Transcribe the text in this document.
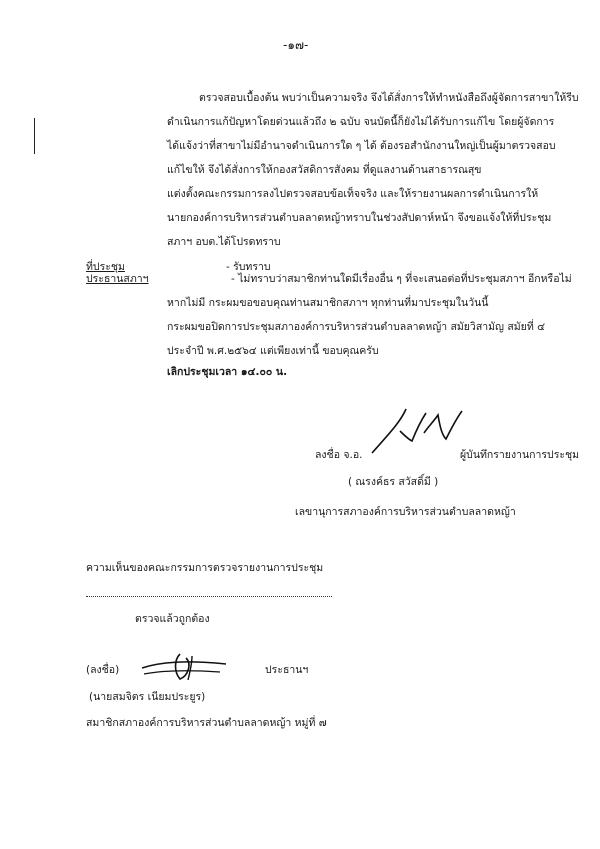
-๑๗-
ตรวจสอบเบื้องต้น พบว่าเป็นความจริง จึงได้สั่งการให้ทำหนังสือถึงผู้จัดการสาขาให้รีบ
ดำเนินการแก้ปัญหาโดยด่วนแล้วถึง ๒ ฉบับ จนบัดนี้ก็ยังไม่ได้รับการแก้ไข โดยผู้จัดการ
ได้แจ้งว่าที่สาขาไม่มีอำนาจดำเนินการใด ๆ ได้ ต้องรอสำนักงานใหญ่เป็นผู้มาตรวจสอบ
แก้ไขให้ จึงได้สั่งการให้กองสวัสดิการสังคม ที่ดูแลงานด้านสาธารณสุข
แต่งตั้งคณะกรรมการลงไปตรวจสอบข้อเท็จจริง และให้รายงานผลการดำเนินการให้
นายกองค์การบริหารส่วนตำบลลาดหญ้าทราบในช่วงสัปดาห์หน้า จึงขอแจ้งให้ที่ประชุม
สภาฯ อบต.ได้โปรดทราบ
ที่ประชุม	- รับทราบ
ประธานสภาฯ	- ไม่ทราบว่าสมาชิกท่านใดมีเรื่องอื่น ๆ ที่จะเสนอต่อที่ประชุมสภาฯ อีกหรือไม่
หากไม่มี กระผมขอขอบคุณท่านสมาชิกสภาฯ ทุกท่านที่มาประชุมในวันนี้
กระผมขอปิดการประชุมสภาองค์การบริหารส่วนตำบลลาดหญ้า สมัยวิสามัญ สมัยที่ ๔
ประจำปี พ.ศ.๒๕๖๔ แต่เพียงเท่านี้ ขอบคุณครับ
เลิกประชุมเวลา ๑๔.๐๐ น.
ลงชื่อ จ.อ.	ผู้บันทึกรายงานการประชุม
( ณรงค์ธร สวัสดิ์มี )
เลขานุการสภาองค์การบริหารส่วนตำบลลาดหญ้า
ความเห็นของคณะกรรมการตรวจรายงานการประชุม
ตรวจแล้วถูกต้อง
(ลงชื่อ)	ประธานฯ
(นายสมจิตร เนียมประยูร)
สมาชิกสภาองค์การบริหารส่วนตำบลลาดหญ้า หมู่ที่ ๗
